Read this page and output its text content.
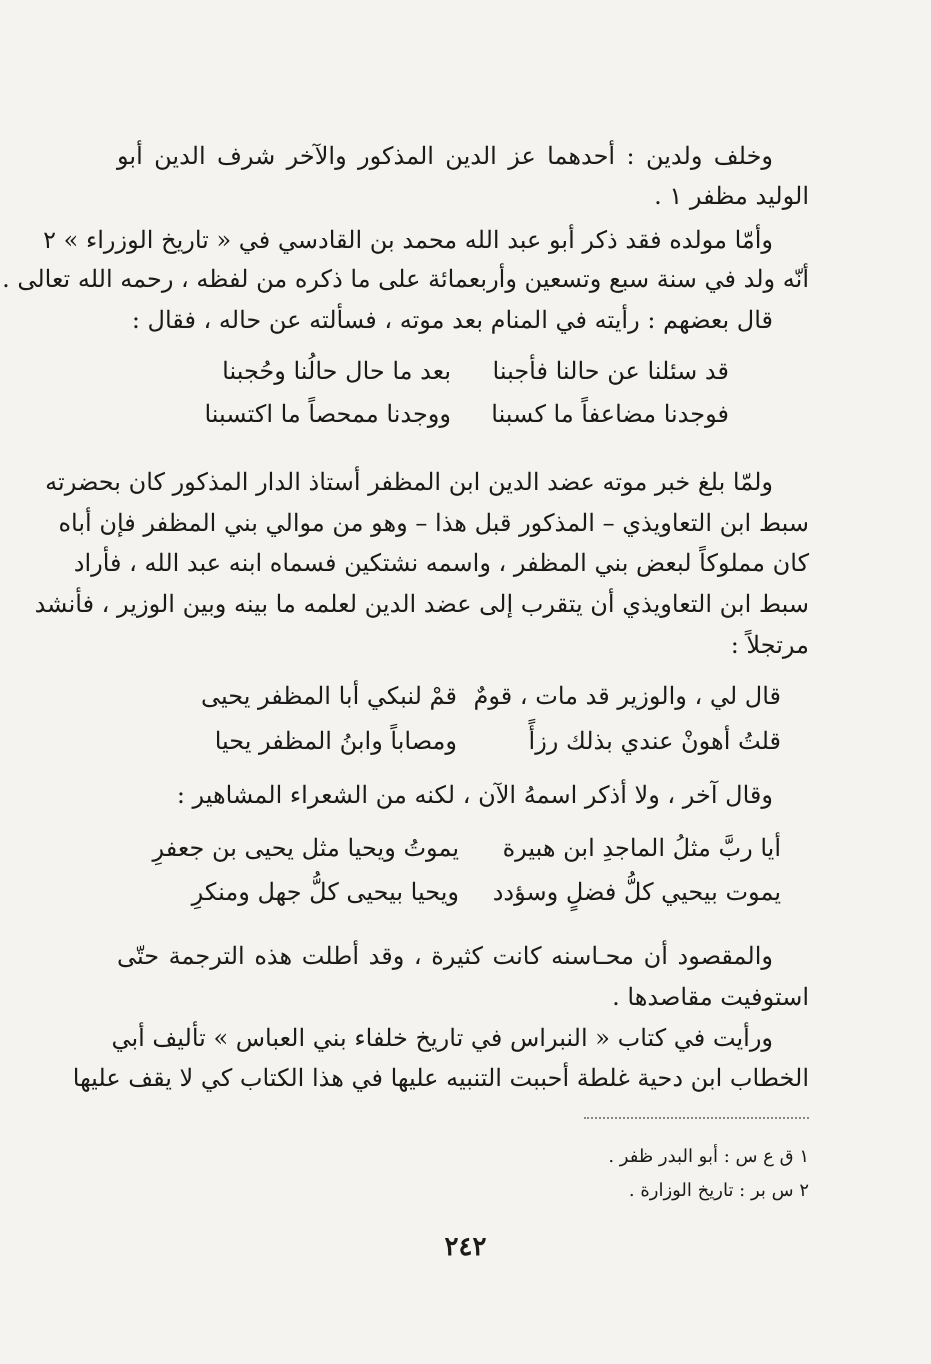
وخلف ولدين : أحدهما عز الدين المذكور والآخر شرف الدين أبو
الوليد مظفر ١ .
وأمّا مولده فقد ذكر أبو عبد الله محمد بن القادسي في « تاريخ الوزراء » ٢
أنّه ولد في سنة سبع وتسعين وأربعمائة على ما ذكره من لفظه ، رحمه الله تعالى .
قال بعضهم : رأيته في المنام بعد موته ، فسألته عن حاله ، فقال :
قد سئلنا عن حالنا فأجبنا
بعد ما حال حالُنا وحُجبنا
فوجدنا مضاعفاً ما كسبنا
ووجدنا ممحصاً ما اكتسبنا
ولمّا بلغ خبر موته عضد الدين ابن المظفر أستاذ الدار المذكور كان بحضرته
سبط ابن التعاويذي – المذكور قبل هذا – وهو من موالي بني المظفر فإن أباه
كان مملوكاً لبعض بني المظفر ، واسمه نشتكين فسماه ابنه عبد الله ، فأراد
سبط ابن التعاويذي أن يتقرب إلى عضد الدين لعلمه ما بينه وبين الوزير ، فأنشد
مرتجلاً :
قال لي ، والوزير قد مات ، قومٌ
قمْ لنبكي أبا المظفر يحيى
قلتُ أهونْ عندي بذلك رزأً
ومصاباً وابنُ المظفر يحيا
وقال آخر ، ولا أذكر اسمهُ الآن ، لكنه من الشعراء المشاهير :
أيا ربَّ مثلُ الماجدِ ابن هبيرة
يموتُ ويحيا مثل يحيى بن جعفرِ
يموت بيحيي كلُّ فضلٍ وسؤدد
ويحيا بيحيى كلُّ جهل ومنكرِ
والمقصود أن محـاسنه كانت كثيرة ، وقد أطلت هذه الترجمة حتّى
استوفيت مقاصدها .
ورأيت في كتاب « النبراس في تاريخ خلفاء بني العباس » تأليف أبي
الخطاب ابن دحية غلطة أحببت التنبيه عليها في هذا الكتاب كي لا يقف عليها
١ ق ع س : أبو البدر ظفر .
٢ س بر : تاريخ الوزارة .
٢٤٢
